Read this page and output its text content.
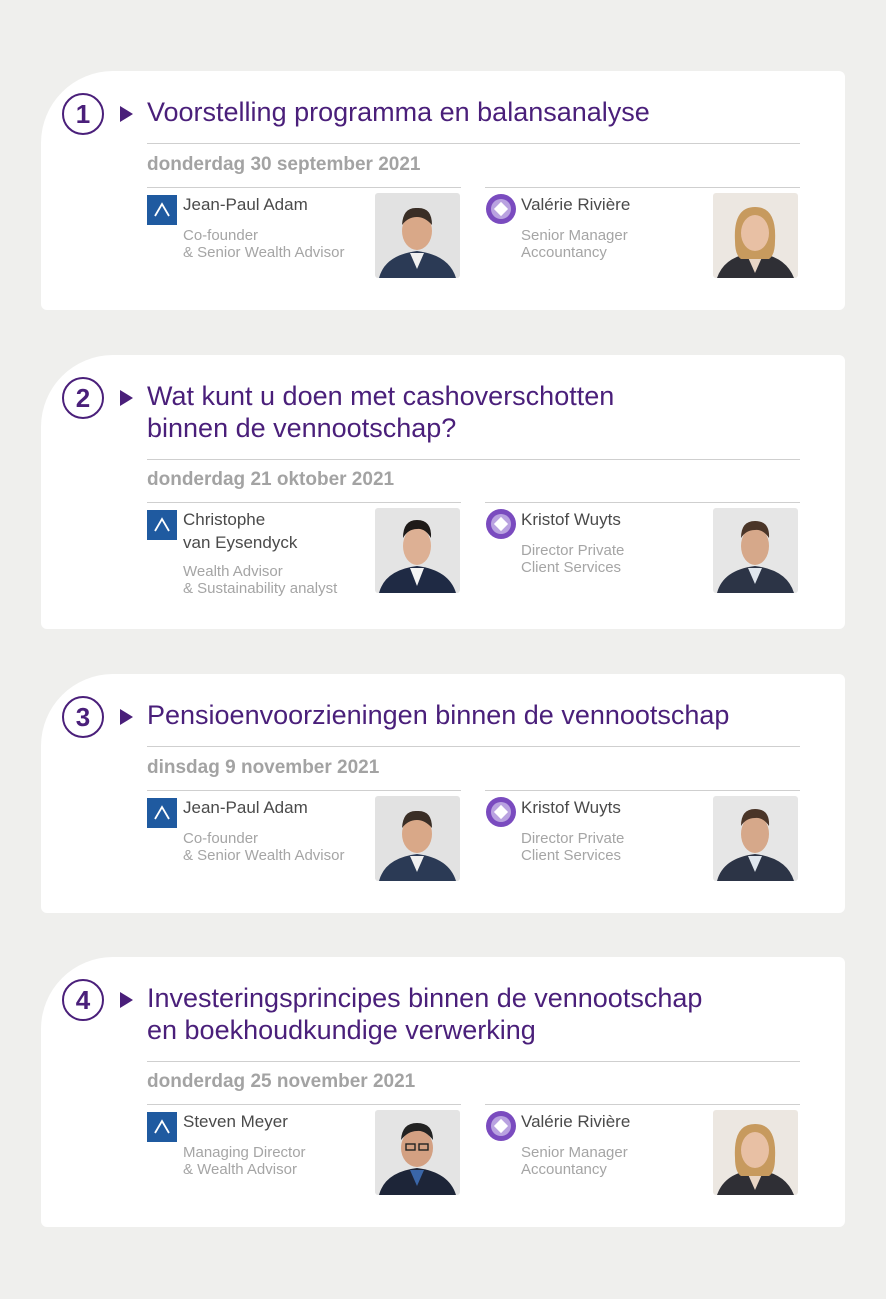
1	Voorstelling programma en balansanalyse
donderdag 30 september 2021
Jean-Paul Adam
Co-founder
& Senior Wealth Advisor
Valérie Rivière
Senior Manager
Accountancy
2	Wat kunt u doen met cashoverschotten
binnen de vennootschap?
donderdag 21 oktober 2021
Christophe
van Eysendyck
Wealth Advisor
& Sustainability analyst
Kristof Wuyts
Director Private
Client Services
3	Pensioenvoorzieningen binnen de vennootschap
dinsdag 9 november 2021
Jean-Paul Adam
Co-founder
& Senior Wealth Advisor
Kristof Wuyts
Director Private
Client Services
4	Investeringsprincipes binnen de vennootschap
en boekhoudkundige verwerking
donderdag 25 november 2021
Steven Meyer
Managing Director
& Wealth Advisor
Valérie Rivière
Senior Manager
Accountancy
